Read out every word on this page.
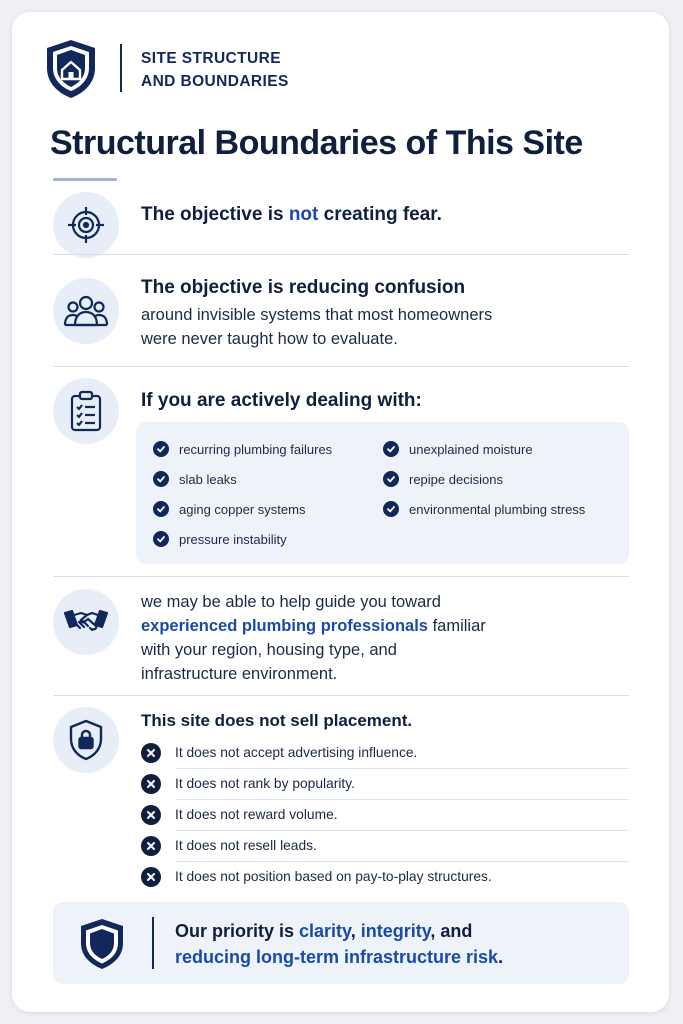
SITE STRUCTURE
AND BOUNDARIES
Structural Boundaries of This Site
The objective is not creating fear.
The objective is reducing confusion
around invisible systems that most homeowners
were never taught how to evaluate.
If you are actively dealing with:
recurring plumbing failures
slab leaks
aging copper systems
pressure instability
unexplained moisture
repipe decisions
environmental plumbing stress
we may be able to help guide you toward
experienced plumbing professionals familiar
with your region, housing type, and
infrastructure environment.
This site does not sell placement.
It does not accept advertising influence.
It does not rank by popularity.
It does not reward volume.
It does not resell leads.
It does not position based on pay-to-play structures.
Our priority is clarity, integrity, and
reducing long-term infrastructure risk.
